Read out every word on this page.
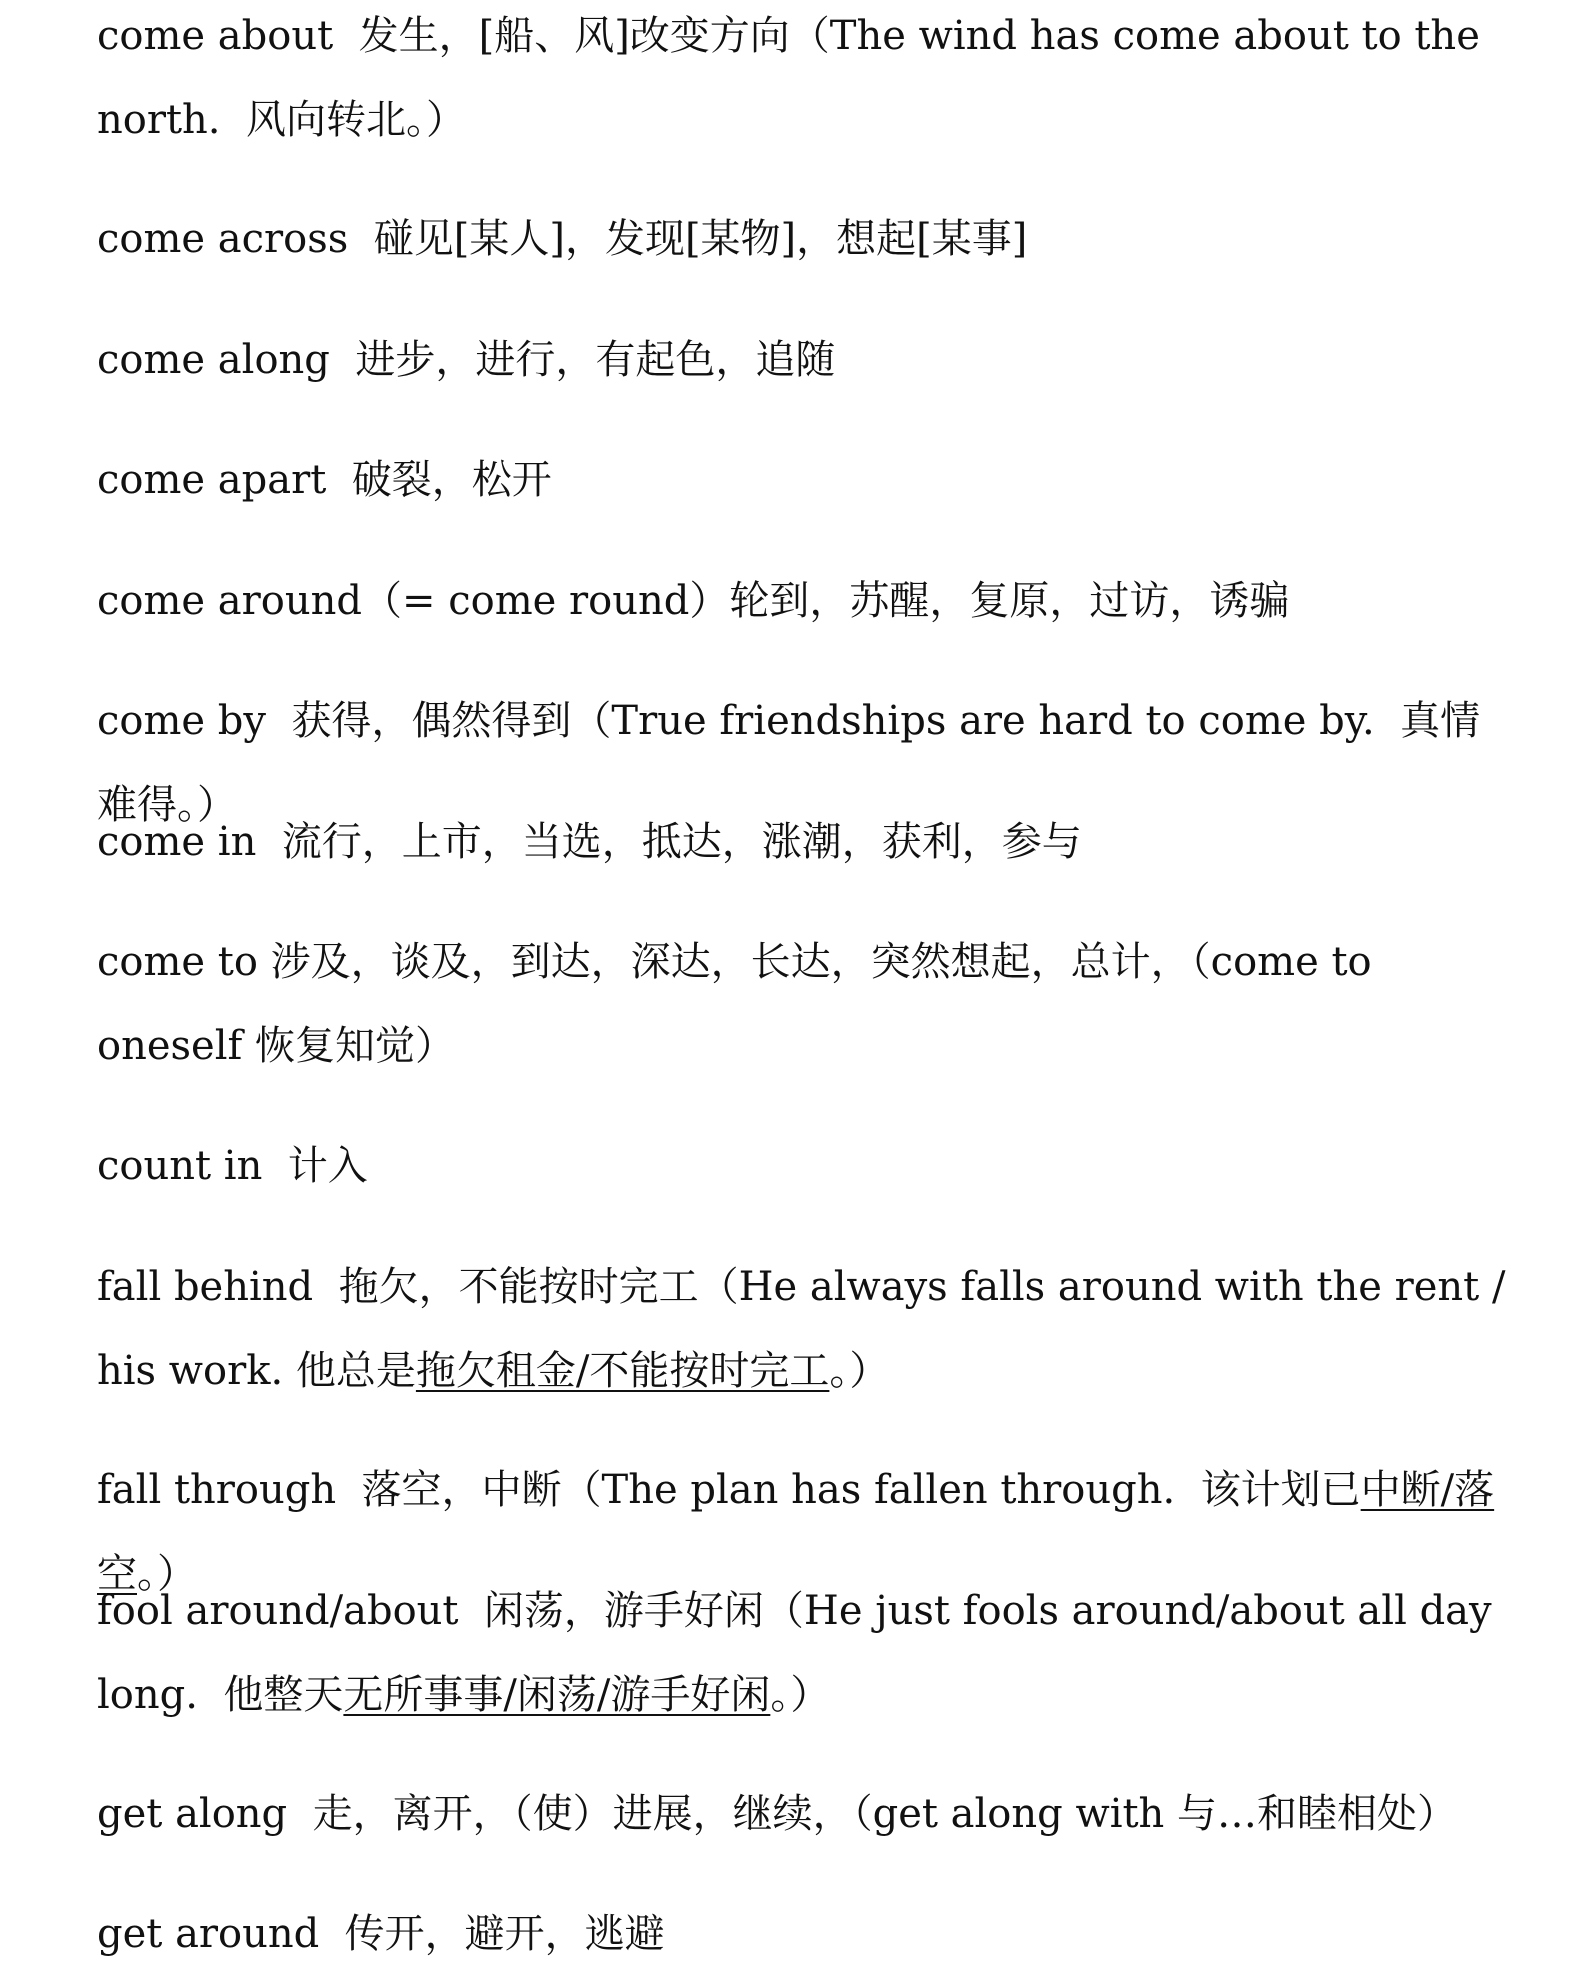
come about  发生，[船、风]改变方向（The wind has come about to the north.  风向转北。）
come across  碰见[某人]，发现[某物]，想起[某事]
come along  进步，进行，有起色，追随
come apart  破裂，松开
come around（= come round）轮到，苏醒，复原，过访，诱骗
come by  获得，偶然得到（True friendships are hard to come by.  真情难得。）
come in  流行，上市，当选，抵达，涨潮，获利，参与
come to 涉及，谈及，到达，深达，长达，突然想起，总计，（come to oneself 恢复知觉）
count in  计入
fall behind  拖欠，不能按时完工（He always falls around with the rent / his work. 他总是拖欠租金/不能按时完工。）
fall through  落空，中断（The plan has fallen through.  该计划已中断/落空。）
fool around/about  闲荡，游手好闲（He just fools around/about all day long.  他整天无所事事/闲荡/游手好闲。）
get along  走，离开，（使）进展，继续，（get along with 与…和睦相处）
get around  传开，避开，逃避
